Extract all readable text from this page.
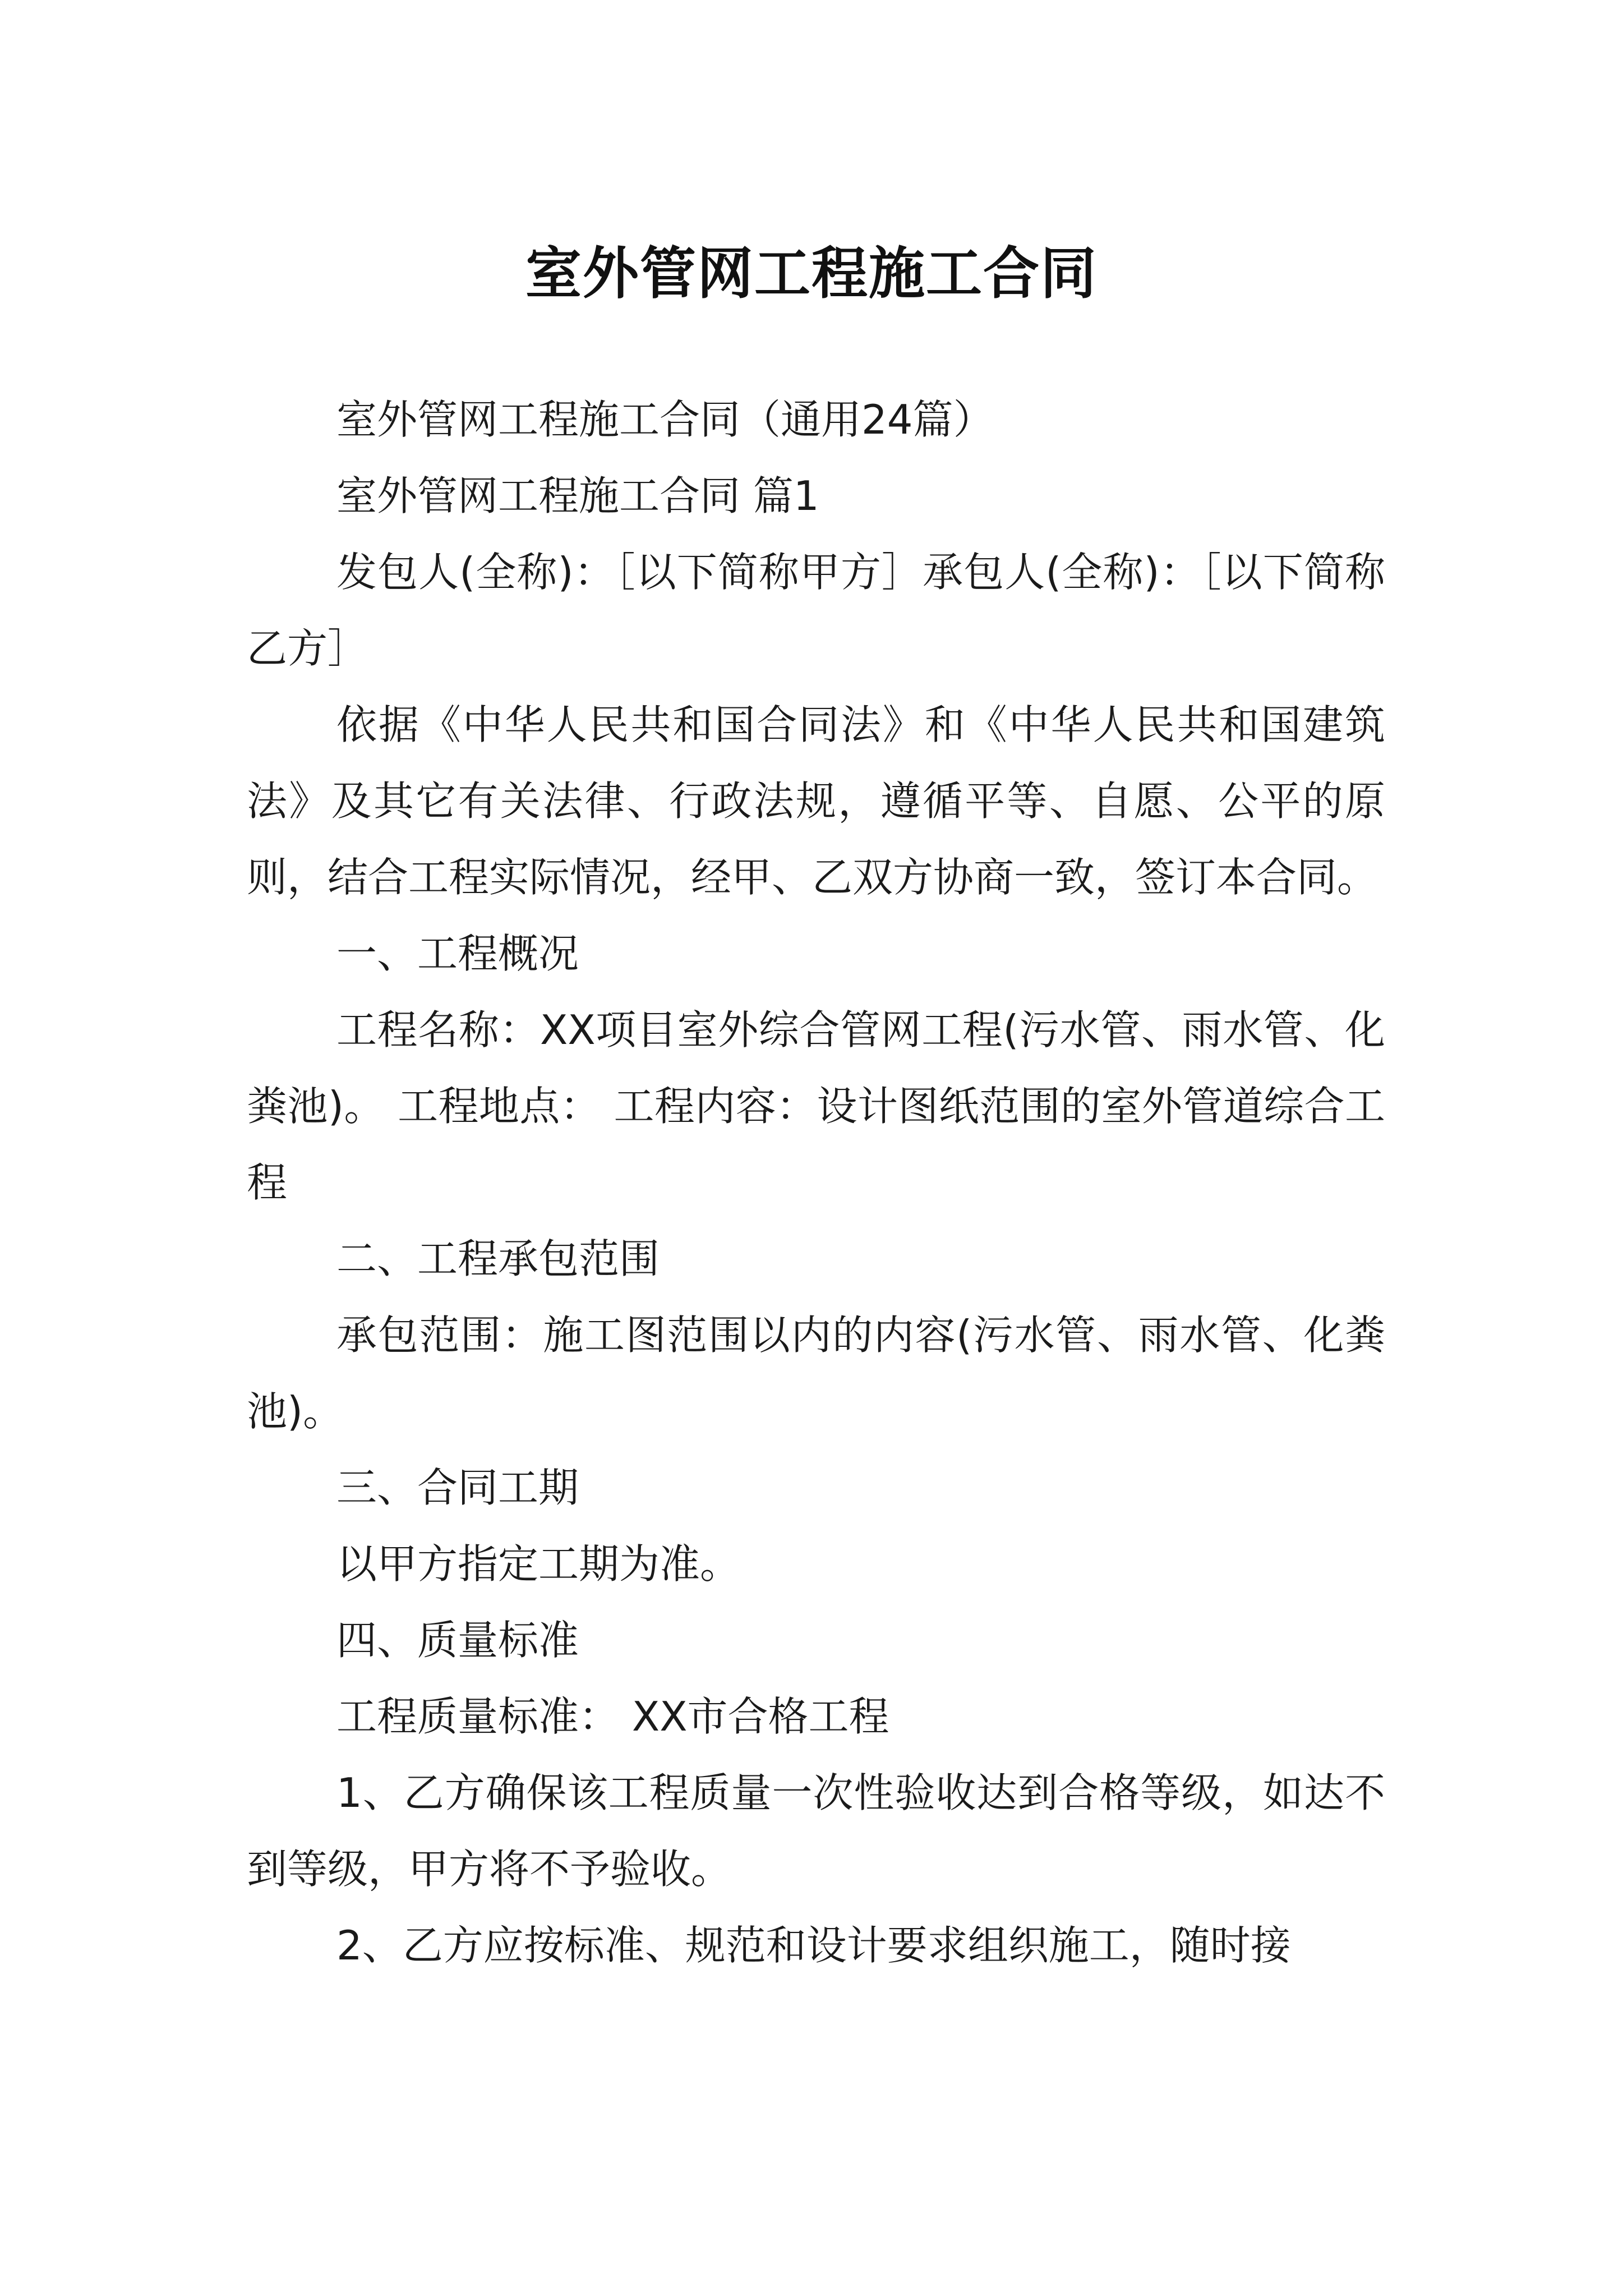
室外管网工程施工合同

室外管网工程施工合同（通用24篇）

室外管网工程施工合同 篇1

发包人(全称)：［以下简称甲方］承包人(全称)：［以下简称乙方］

依据《中华人民共和国合同法》和《中华人民共和国建筑法》及其它有关法律、行政法规，遵循平等、自愿、公平的原则，结合工程实际情况，经甲、乙双方协商一致，签订本合同。

一、工程概况

工程名称：XX项目室外综合管网工程(污水管、雨水管、化粪池)。 工程地点： 工程内容：设计图纸范围的室外管道综合工程

二、工程承包范围

承包范围：施工图范围以内的内容(污水管、雨水管、化粪池)。

三、合同工期

以甲方指定工期为准。

四、质量标准

工程质量标准： XX市合格工程

1、乙方确保该工程质量一次性验收达到合格等级，如达不到等级，甲方将不予验收。

2、乙方应按标准、规范和设计要求组织施工，随时接
